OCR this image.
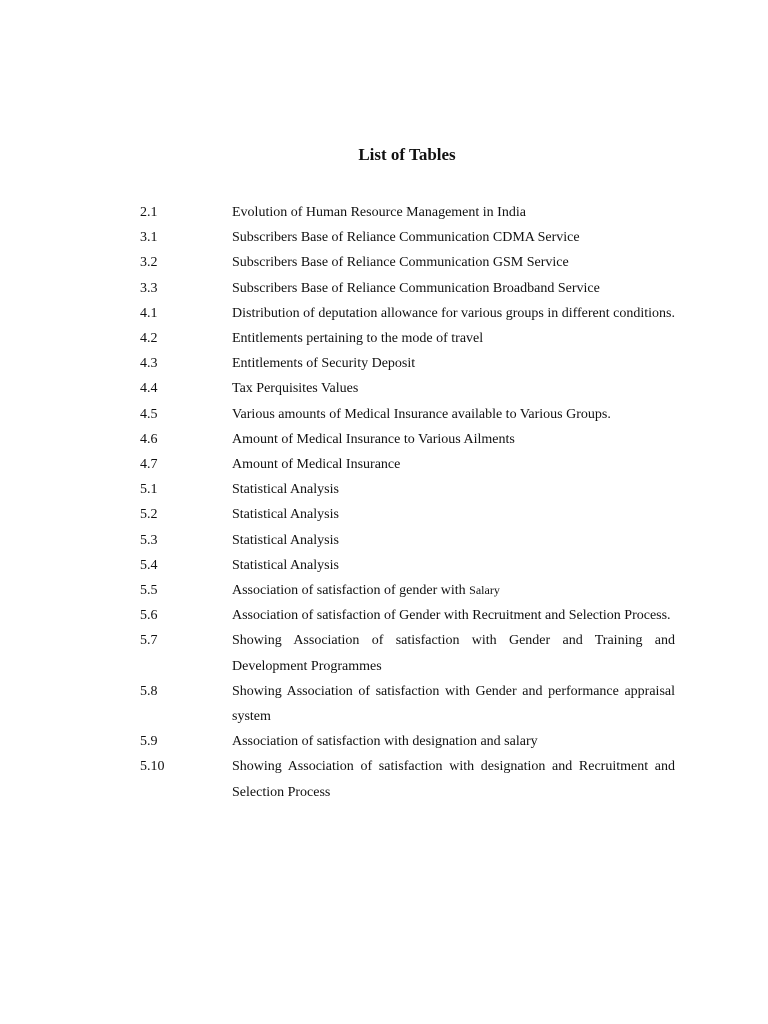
List of Tables
2.1	Evolution of Human Resource Management in India
3.1	Subscribers Base of Reliance Communication CDMA Service
3.2	Subscribers Base of Reliance Communication GSM Service
3.3	Subscribers Base of Reliance Communication Broadband Service
4.1	Distribution of deputation allowance for various groups in different conditions.
4.2	Entitlements pertaining to the mode of travel
4.3	Entitlements of Security Deposit
4.4	Tax Perquisites Values
4.5	Various amounts of Medical Insurance available to Various Groups.
4.6	Amount of Medical Insurance to Various Ailments
4.7	Amount of Medical Insurance
5.1	Statistical Analysis
5.2	Statistical Analysis
5.3	Statistical Analysis
5.4	Statistical Analysis
5.5	Association of satisfaction of gender with Salary
5.6	Association of satisfaction of Gender with Recruitment and Selection Process.
5.7	Showing Association of satisfaction with Gender and Training and Development Programmes
5.8	Showing Association of satisfaction with Gender and performance appraisal system
5.9	Association of satisfaction with designation and salary
5.10	Showing Association of satisfaction with designation and Recruitment and Selection Process
